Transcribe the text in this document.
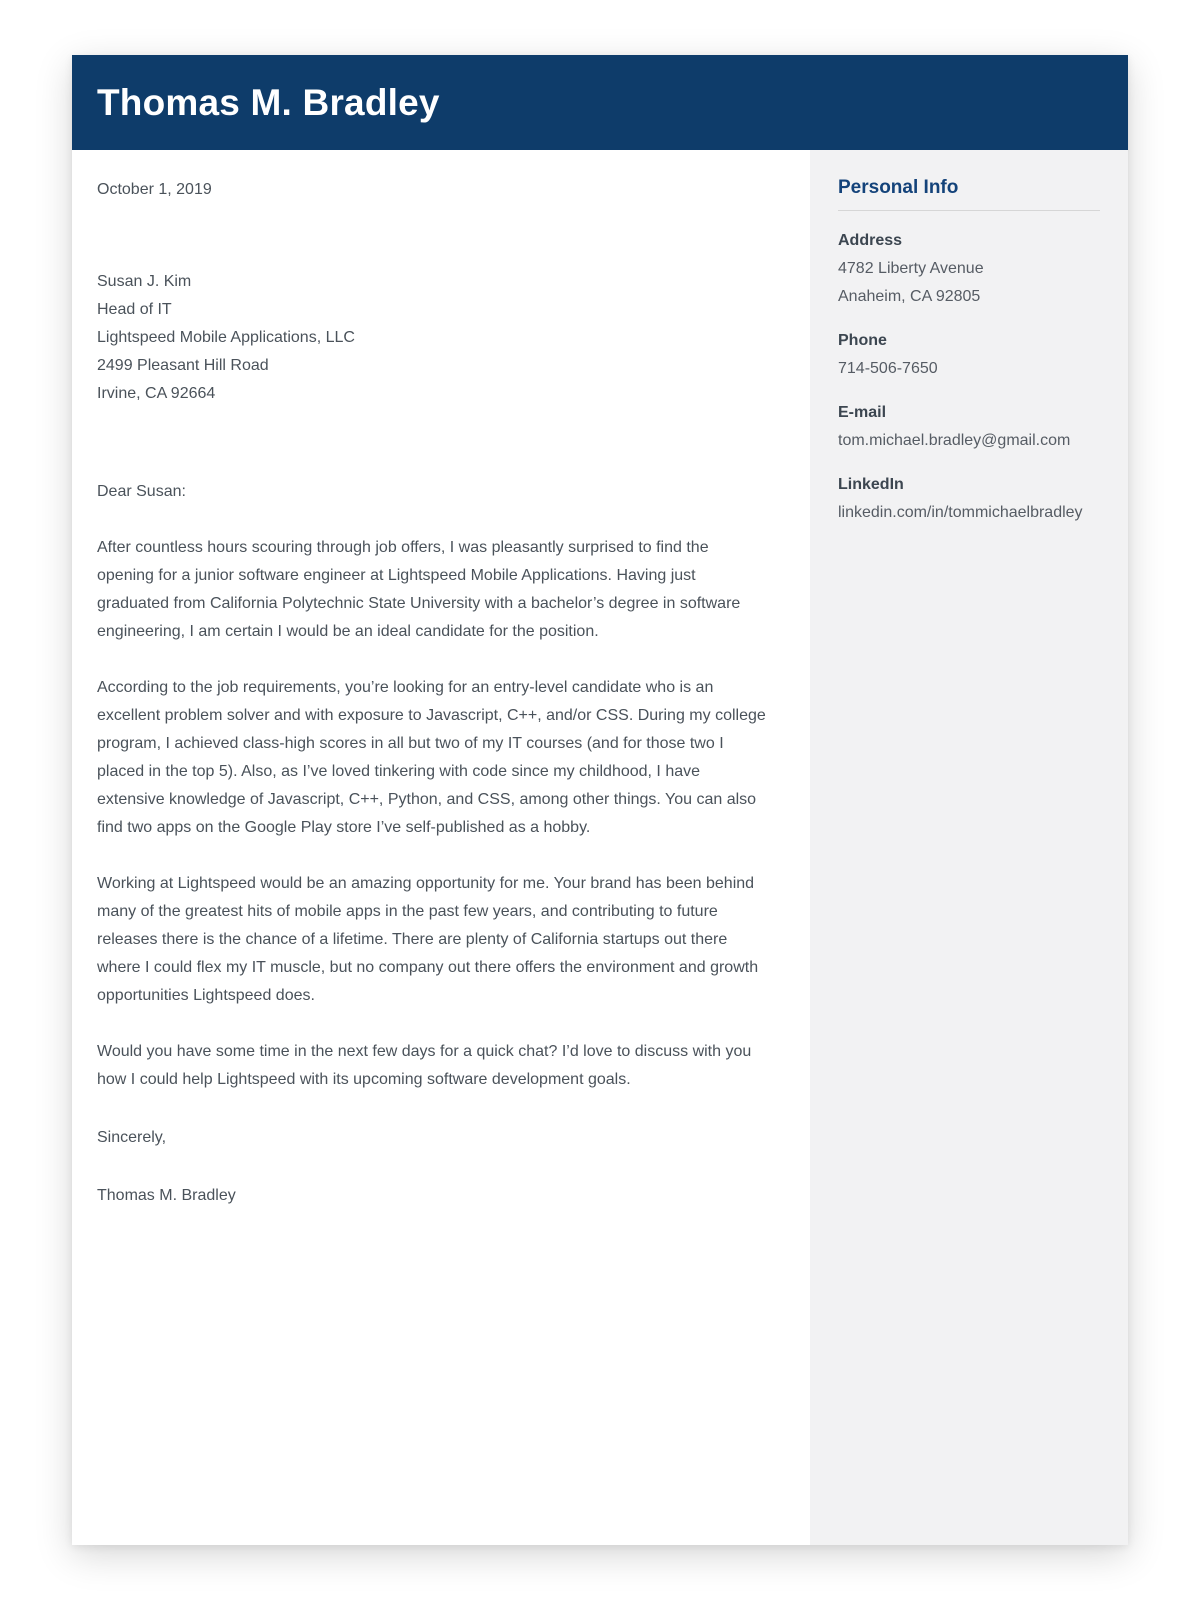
Thomas M. Bradley
October 1, 2019
Susan J. Kim
Head of IT
Lightspeed Mobile Applications, LLC
2499 Pleasant Hill Road
Irvine, CA 92664
Dear Susan:
After countless hours scouring through job offers, I was pleasantly surprised to find the opening for a junior software engineer at Lightspeed Mobile Applications. Having just graduated from California Polytechnic State University with a bachelor’s degree in software engineering, I am certain I would be an ideal candidate for the position.
According to the job requirements, you’re looking for an entry-level candidate who is an excellent problem solver and with exposure to Javascript, C++, and/or CSS. During my college program, I achieved class-high scores in all but two of my IT courses (and for those two I placed in the top 5). Also, as I’ve loved tinkering with code since my childhood, I have extensive knowledge of Javascript, C++, Python, and CSS, among other things. You can also find two apps on the Google Play store I’ve self-published as a hobby.
Working at Lightspeed would be an amazing opportunity for me. Your brand has been behind many of the greatest hits of mobile apps in the past few years, and contributing to future releases there is the chance of a lifetime. There are plenty of California startups out there where I could flex my IT muscle, but no company out there offers the environment and growth opportunities Lightspeed does.
Would you have some time in the next few days for a quick chat? I’d love to discuss with you how I could help Lightspeed with its upcoming software development goals.
Sincerely,
Thomas M. Bradley
Personal Info
Address
4782 Liberty Avenue
Anaheim, CA 92805
Phone
714-506-7650
E-mail
tom.michael.bradley@gmail.com
LinkedIn
linkedin.com/in/tommichaelbradley
